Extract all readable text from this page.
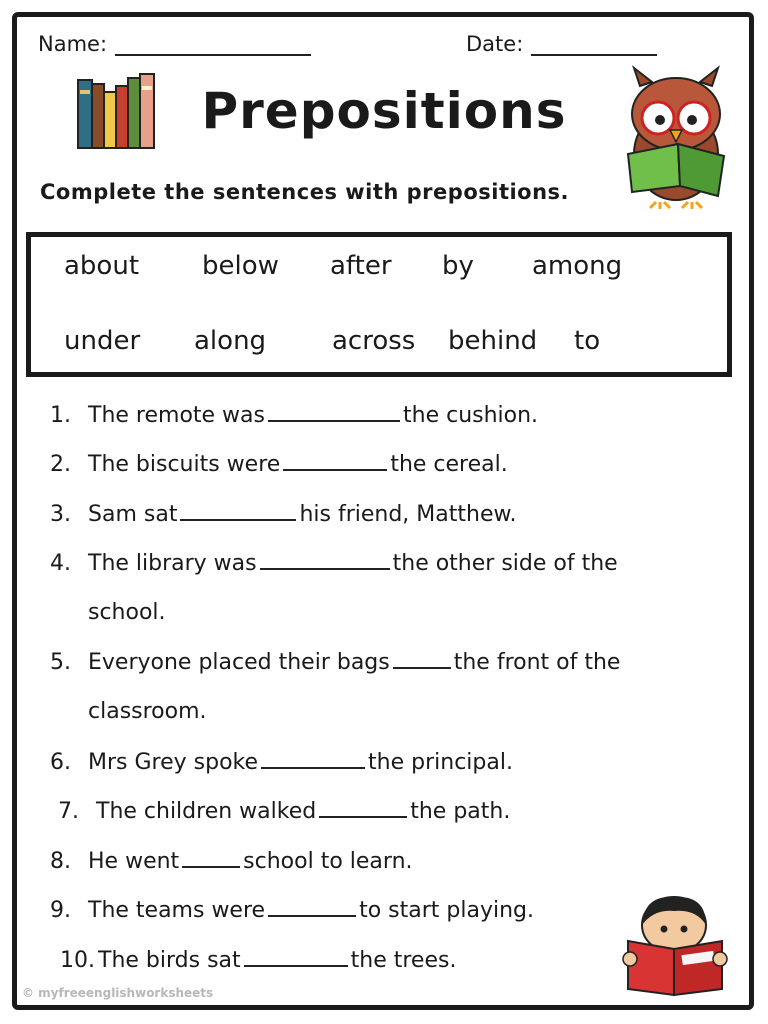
Name:	Date:
Prepositions
Complete the sentences with prepositions.
about below after by among
under along	across behind to
1. The remote was	the cushion.
2. The biscuits were	the cereal.
3. Sam sat	his friend, Matthew.
4. The library was	the other side of the
school.
5. Everyone placed their bags	the front of the
classroom.
6. Mrs Grey spoke	the principal.
7. The children walked	the path.
8. He went	school to learn.
9. The teams were	to start playing.
10. The birds sat	the trees.
© myfreeenglishworksheets
